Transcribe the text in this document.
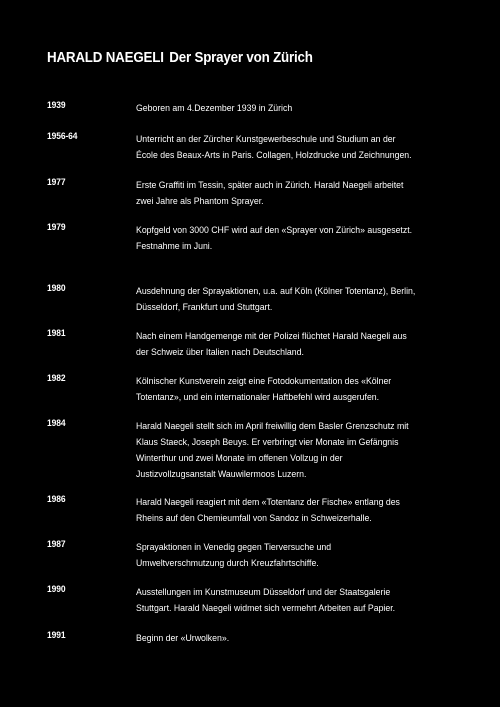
HARALD NAEGELI Der Sprayer von Zürich
1939	Geboren am 4.Dezember 1939 in Zürich
1956-64	Unterricht an der Zürcher Kunstgewerbeschule und Studium an der
École des Beaux-Arts in Paris. Collagen, Holzdrucke und Zeichnungen.
1977	Erste Graffiti im Tessin, später auch in Zürich. Harald Naegeli arbeitet
zwei Jahre als Phantom Sprayer.
1979	Kopfgeld von 3000 CHF wird auf den «Sprayer von Zürich» ausgesetzt.
Festnahme im Juni.
1980	Ausdehnung der Sprayaktionen, u.a. auf Köln (Kölner Totentanz), Berlin,
Düsseldorf, Frankfurt und Stuttgart.
1981	Nach einem Handgemenge mit der Polizei flüchtet Harald Naegeli aus
der Schweiz über Italien nach Deutschland.
1982	Kölnischer Kunstverein zeigt eine Fotodokumentation des «Kölner
Totentanz», und ein internationaler Haftbefehl wird ausgerufen.
1984	Harald Naegeli stellt sich im April freiwillig dem Basler Grenzschutz mit
Klaus Staeck, Joseph Beuys. Er verbringt vier Monate im Gefängnis
Winterthur und zwei Monate im offenen Vollzug in der
Justizvollzugsanstalt Wauwilermoos Luzern.
1986	Harald Naegeli reagiert mit dem «Totentanz der Fische» entlang des
Rheins auf den Chemieumfall von Sandoz in Schweizerhalle.
1987	Sprayaktionen in Venedig gegen Tierversuche und
Umweltverschmutzung durch Kreuzfahrtschiffe.
1990	Ausstellungen im Kunstmuseum Düsseldorf und der Staatsgalerie
Stuttgart. Harald Naegeli widmet sich vermehrt Arbeiten auf Papier.
1991	Beginn der «Urwolken».
